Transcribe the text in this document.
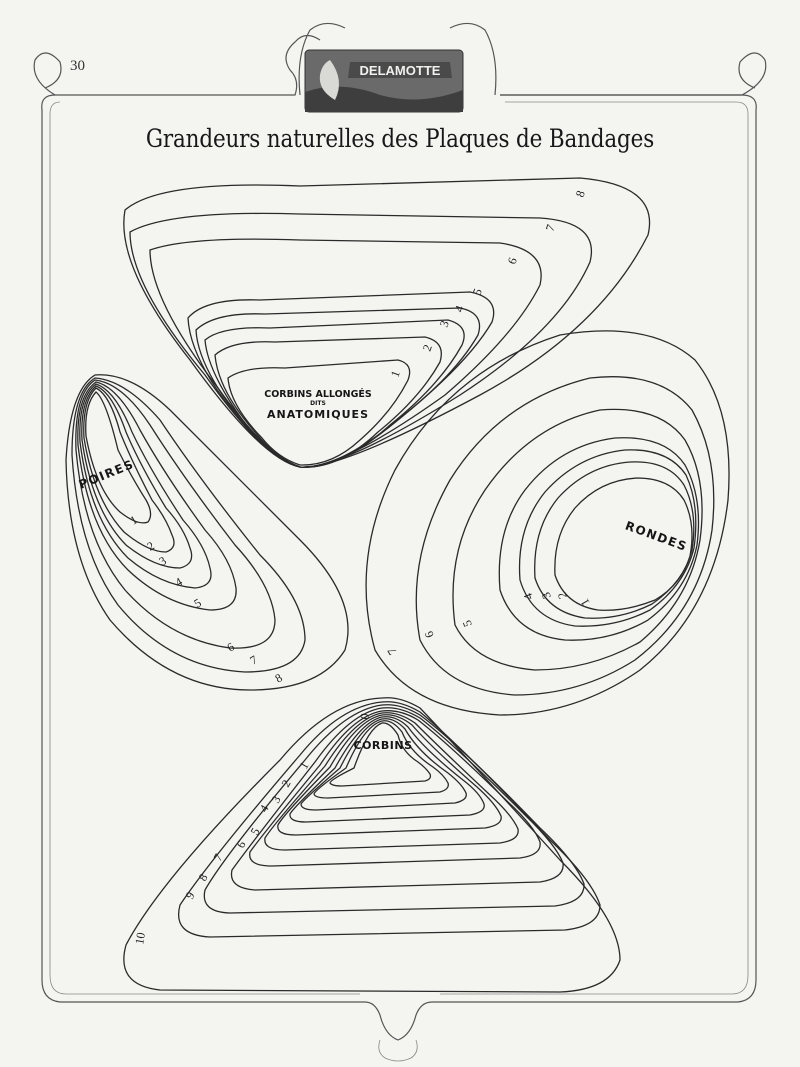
DELAMOTTE
CORBINS ALLONGÉS
DITS
ANATOMIQUES
1
2
3
4
5
6
7
8
POIRES
1
2
3
4
5
6
7
8
RONDES
1
2
3
4
5
6
7
CORBINS
0
1
2
3
4
5
6
7
8
9
10
30
Grandeurs naturelles des Plaques de Bandages
